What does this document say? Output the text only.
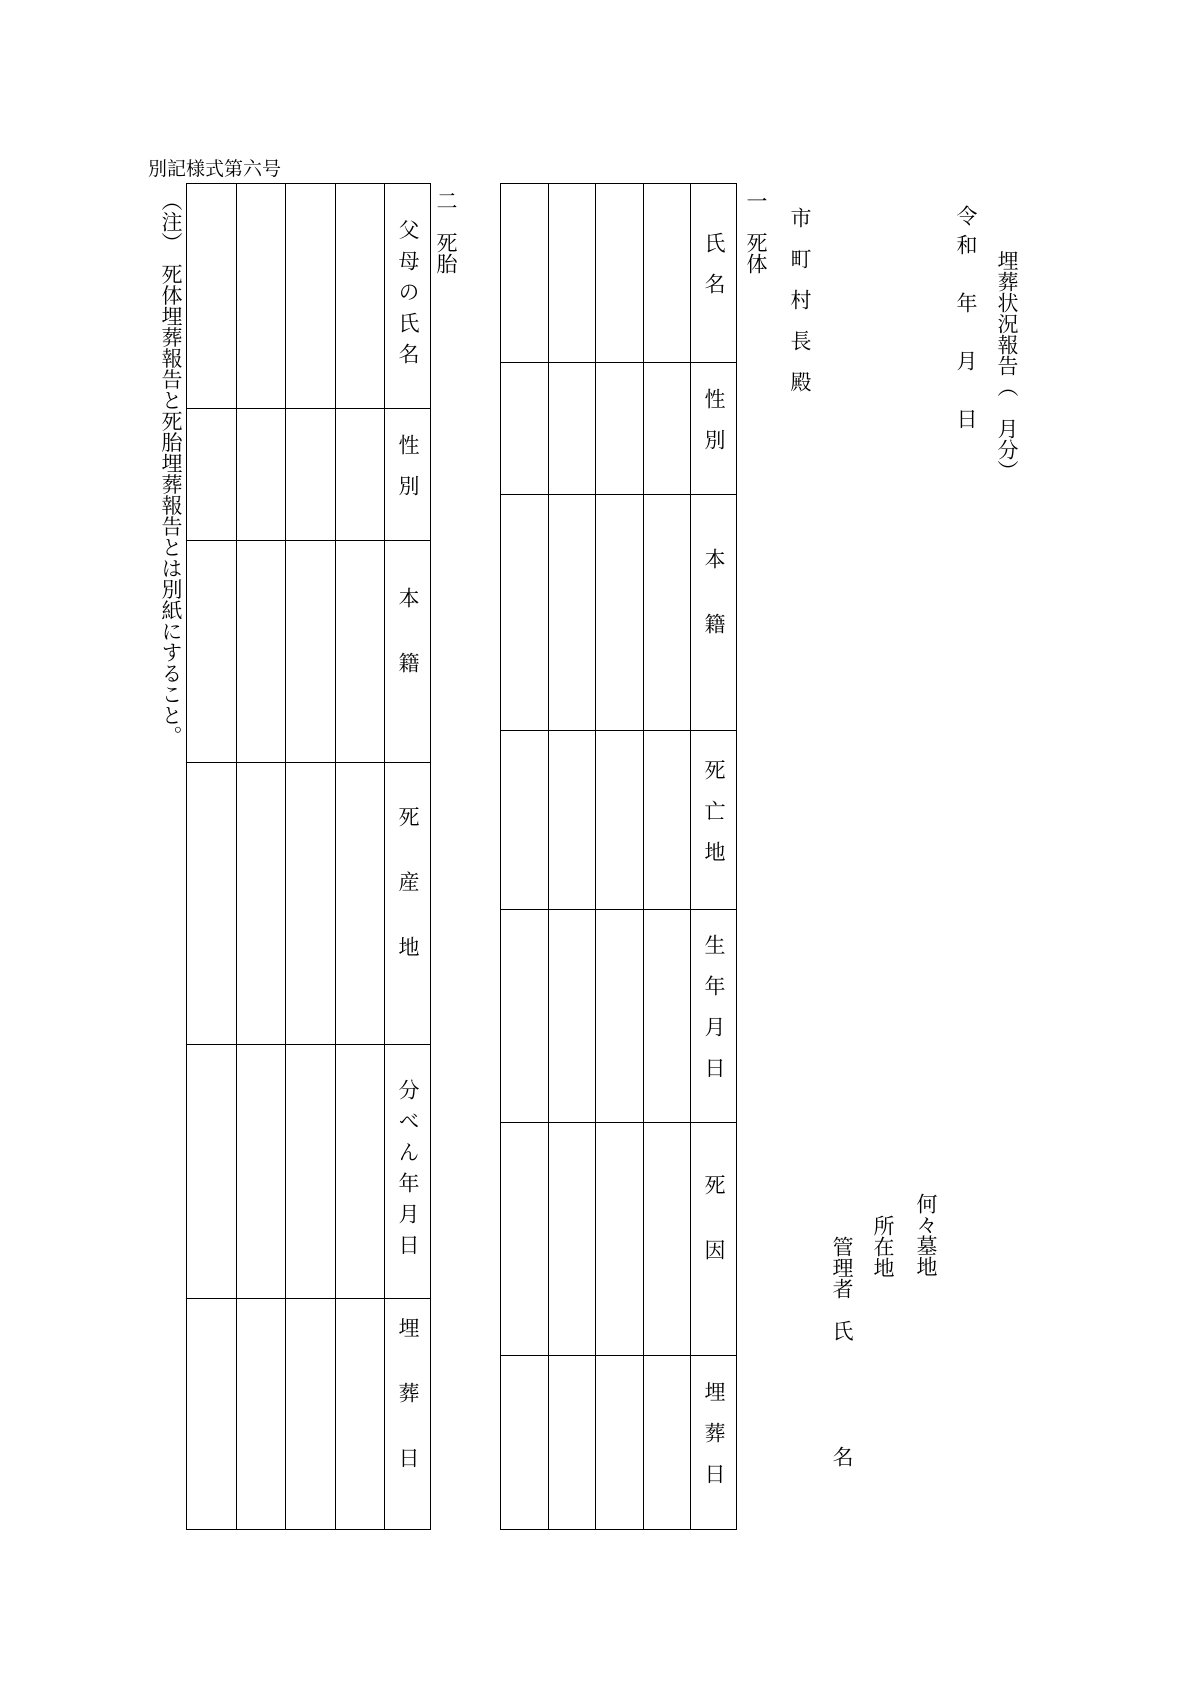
別記様式第六号
埋葬状況報告（　月分）
令和　年　月　日
市町村長殿
一　死体
何々墓地
所在地
管理者　氏　　　　　名
氏名
性別
本籍
死亡地
生年月日
死因
埋葬日
二　死胎
父母の氏名
性別
本籍
死産地
分べん年月日
埋葬日
（注）　死体埋葬報告と死胎埋葬報告とは別紙にすること。
